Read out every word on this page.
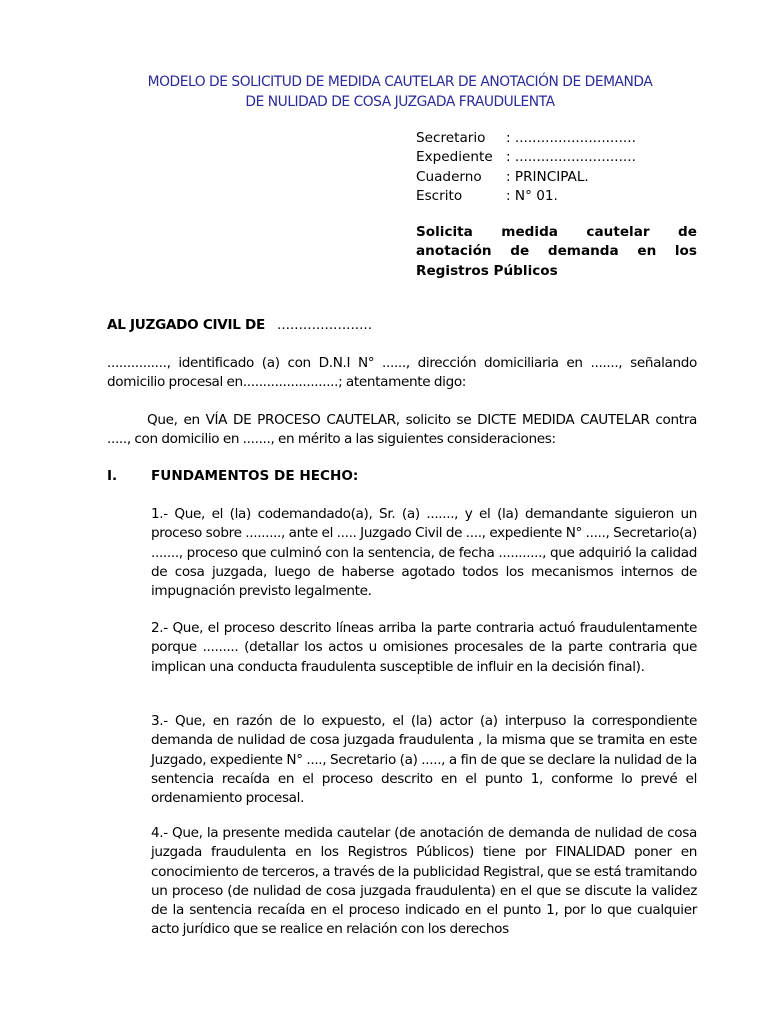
MODELO DE SOLICITUD DE MEDIDA CAUTELAR DE ANOTACIÓN DE DEMANDA
DE NULIDAD DE COSA JUZGADA FRAUDULENTA
Secretario	: ............................
Expediente : ............................
Cuaderno	: PRINCIPAL.
Escrito	: N° 01.
Solicita medida cautelar de anotación de demanda en los Registros Públicos
AL JUZGADO CIVIL DE ......................
..............., identificado (a) con D.N.I N° ......, dirección domiciliaria en ......., señalando domicilio procesal en........................; atentamente digo:
Que, en VÍA DE PROCESO CAUTELAR, solicito se DICTE MEDIDA CAUTELAR contra ....., con domicilio en ......., en mérito a las siguientes consideraciones:
I.	FUNDAMENTOS DE HECHO:
1.- Que, el (la) codemandado(a), Sr. (a) ......., y el (la) demandante siguieron un proceso sobre ........., ante el ..... Juzgado Civil de ...., expediente N° ....., Secretario(a) ......., proceso que culminó con la sentencia, de fecha ..........., que adquirió la calidad de cosa juzgada, luego de haberse agotado todos los mecanismos internos de impugnación previsto legalmente.
2.- Que, el proceso descrito líneas arriba la parte contraria actuó fraudulentamente porque ......... (detallar los actos u omisiones procesales de la parte contraria que implican una conducta fraudulenta susceptible de influir en la decisión final).
3.- Que, en razón de lo expuesto, el (la) actor (a) interpuso la correspondiente demanda de nulidad de cosa juzgada fraudulenta , la misma que se tramita en este Juzgado, expediente N° ...., Secretario (a) ....., a fin de que se declare la nulidad de la sentencia recaída en el proceso descrito en el punto 1, conforme lo prevé el ordenamiento procesal.
4.- Que, la presente medida cautelar (de anotación de demanda de nulidad de cosa juzgada fraudulenta en los Registros Públicos) tiene por FINALIDAD poner en conocimiento de terceros, a través de la publicidad Registral, que se está tramitando un proceso (de nulidad de cosa juzgada fraudulenta) en el que se discute la validez de la sentencia recaída en el proceso indicado en el punto 1, por lo que cualquier acto jurídico que se realice en relación con los derechos
